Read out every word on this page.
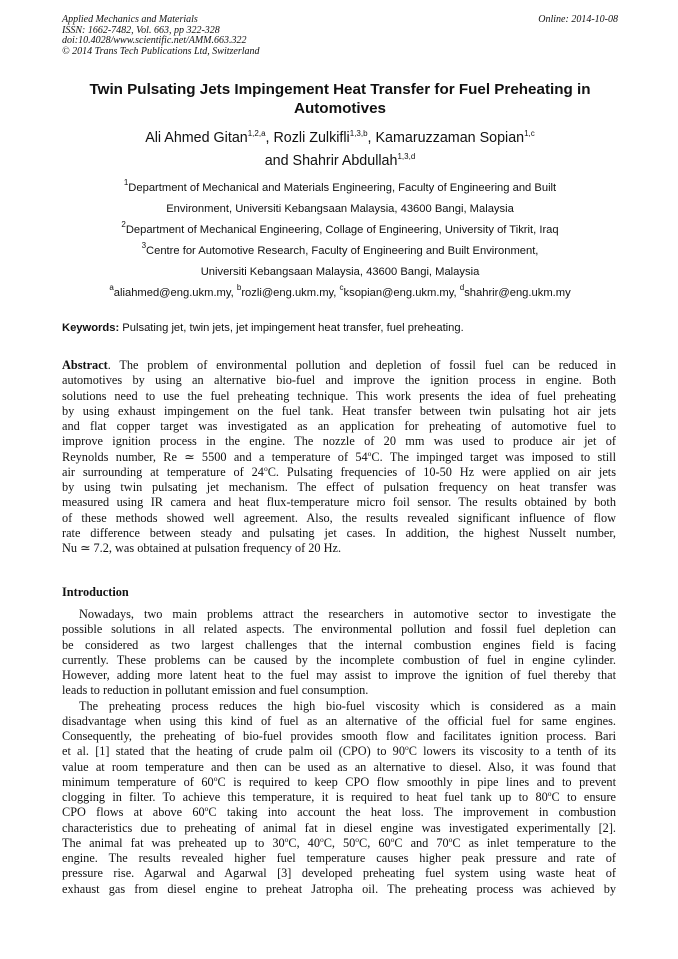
Applied Mechanics and Materials
ISSN: 1662-7482, Vol. 663, pp 322-328
doi:10.4028/www.scientific.net/AMM.663.322
© 2014 Trans Tech Publications Ltd, Switzerland
Online: 2014-10-08
Twin Pulsating Jets Impingement Heat Transfer for Fuel Preheating in
Automotives
Ali Ahmed Gitan$^{1,2,a}$, Rozli Zulkifli$^{1,3,b}$, Kamaruzzaman Sopian$^{1,c}$
and Shahrir Abdullah$^{1,3,d}$
$^1$Department of Mechanical and Materials Engineering, Faculty of Engineering and Built
Environment, Universiti Kebangsaan Malaysia, 43600 Bangi, Malaysia
$^2$Department of Mechanical Engineering, Collage of Engineering, University of Tikrit, Iraq
$^3$Centre for Automotive Research, Faculty of Engineering and Built Environment,
Universiti Kebangsaan Malaysia, 43600 Bangi, Malaysia
$^a$aliahmed@eng.ukm.my, $^b$rozli@eng.ukm.my, $^c$ksopian@eng.ukm.my, $^d$shahrir@eng.ukm.my
Keywords: Pulsating jet, twin jets, jet impingement heat transfer, fuel preheating.
Abstract. The problem of environmental pollution and depletion of fossil fuel can be reduced in
automotives by using an alternative bio-fuel and improve the ignition process in engine. Both
solutions need to use the fuel preheating technique. This work presents the idea of fuel preheating
by using exhaust impingement on the fuel tank. Heat transfer between twin pulsating hot air jets
and flat copper target was investigated as an application for preheating of automotive fuel to
improve ignition process in the engine. The nozzle of 20 mm was used to produce air jet of
Reynolds number, Re ≃ 5500 and a temperature of 54$^o$C. The impinged target was imposed to still
air surrounding at temperature of 24$^o$C. Pulsating frequencies of 10-50 Hz were applied on air jets
by using twin pulsating jet mechanism. The effect of pulsation frequency on heat transfer was
measured using IR camera and heat flux-temperature micro foil sensor. The results obtained by both
of these methods showed well agreement. Also, the results revealed significant influence of flow
rate difference between steady and pulsating jet cases. In addition, the highest Nusselt number,
Nu ≃ 7.2, was obtained at pulsation frequency of 20 Hz.
Introduction
Nowadays, two main problems attract the researchers in automotive sector to investigate the
possible solutions in all related aspects. The environmental pollution and fossil fuel depletion can
be considered as two largest challenges that the internal combustion engines field is facing
currently. These problems can be caused by the incomplete combustion of fuel in engine cylinder.
However, adding more latent heat to the fuel may assist to improve the ignition of fuel thereby that
leads to reduction in pollutant emission and fuel consumption.
The preheating process reduces the high bio-fuel viscosity which is considered as a main
disadvantage when using this kind of fuel as an alternative of the official fuel for same engines.
Consequently, the preheating of bio-fuel provides smooth flow and facilitates ignition process. Bari
et al. [1] stated that the heating of crude palm oil (CPO) to 90$^o$C lowers its viscosity to a tenth of its
value at room temperature and then can be used as an alternative to diesel. Also, it was found that
minimum temperature of 60$^o$C is required to keep CPO flow smoothly in pipe lines and to prevent
clogging in filter. To achieve this temperature, it is required to heat fuel tank up to 80$^o$C to ensure
CPO flows at above 60$^o$C taking into account the heat loss. The improvement in combustion
characteristics due to preheating of animal fat in diesel engine was investigated experimentally [2].
The animal fat was preheated up to 30$^o$C, 40$^o$C, 50$^o$C, 60$^o$C and 70$^o$C as inlet temperature to the
engine. The results revealed higher fuel temperature causes higher peak pressure and rate of
pressure rise. Agarwal and Agarwal [3] developed preheating fuel system using waste heat of
exhaust gas from diesel engine to preheat Jatropha oil. The preheating process was achieved by
